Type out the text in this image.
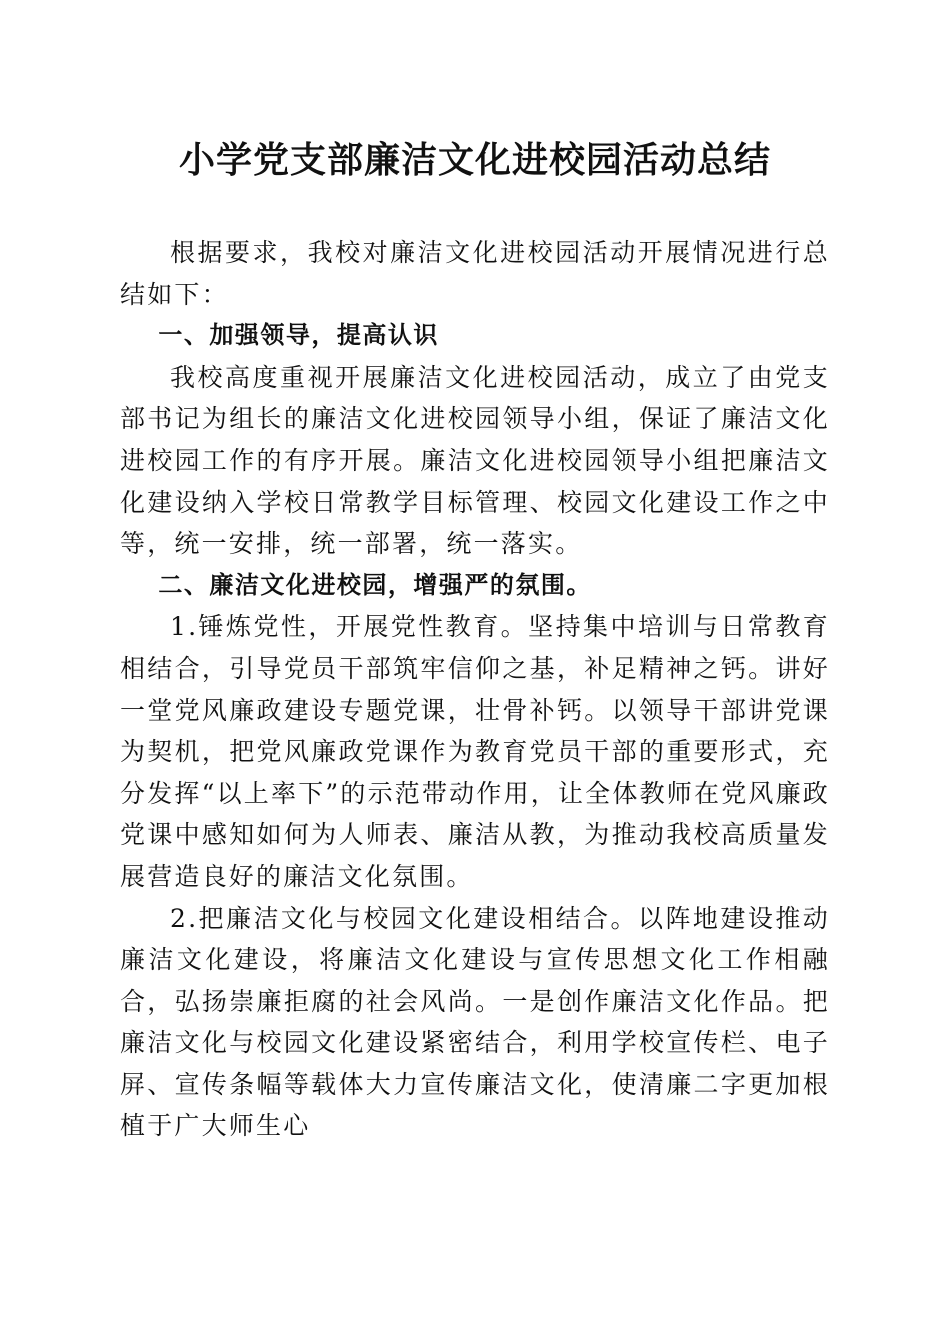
小学党支部廉洁文化进校园活动总结

根据要求，我校对廉洁文化进校园活动开展情况进行总结如下：

一、加强领导，提高认识

我校高度重视开展廉洁文化进校园活动，成立了由党支部书记为组长的廉洁文化进校园领导小组，保证了廉洁文化进校园工作的有序开展。廉洁文化进校园领导小组把廉洁文化建设纳入学校日常教学目标管理、校园文化建设工作之中等，统一安排，统一部署，统一落实。

二、廉洁文化进校园，增强严的氛围。

1.锤炼党性，开展党性教育。坚持集中培训与日常教育相结合，引导党员干部筑牢信仰之基，补足精神之钙。讲好一堂党风廉政建设专题党课，壮骨补钙。以领导干部讲党课为契机，把党风廉政党课作为教育党员干部的重要形式，充分发挥“以上率下”的示范带动作用，让全体教师在党风廉政党课中感知如何为人师表、廉洁从教，为推动我校高质量发展营造良好的廉洁文化氛围。

2.把廉洁文化与校园文化建设相结合。以阵地建设推动廉洁文化建设，将廉洁文化建设与宣传思想文化工作相融合，弘扬崇廉拒腐的社会风尚。一是创作廉洁文化作品。把廉洁文化与校园文化建设紧密结合，利用学校宣传栏、电子屏、宣传条幅等载体大力宣传廉洁文化，使清廉二字更加根植于广大师生心
